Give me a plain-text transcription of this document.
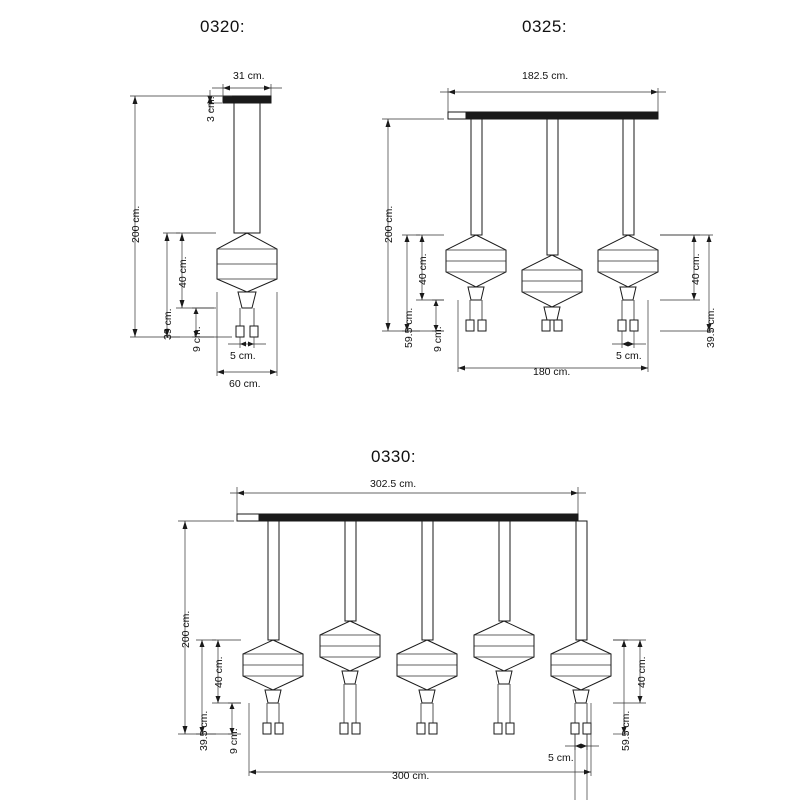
0320:
31 cm.
3 cm.
200 cm.
40 cm.
39 cm. 9 cm.
5 cm.
60 cm.
0325:
182.5 cm.
200 cm.
40 cm.
59.5 cm. 9 cm.
40 cm.
39.5 cm.
5 cm.
180 cm.
0330:
302.5 cm.
200 cm.
40 cm.
39.5 cm. 9 cm.
40 cm.
59.5 cm.
5 cm.
300 cm.
